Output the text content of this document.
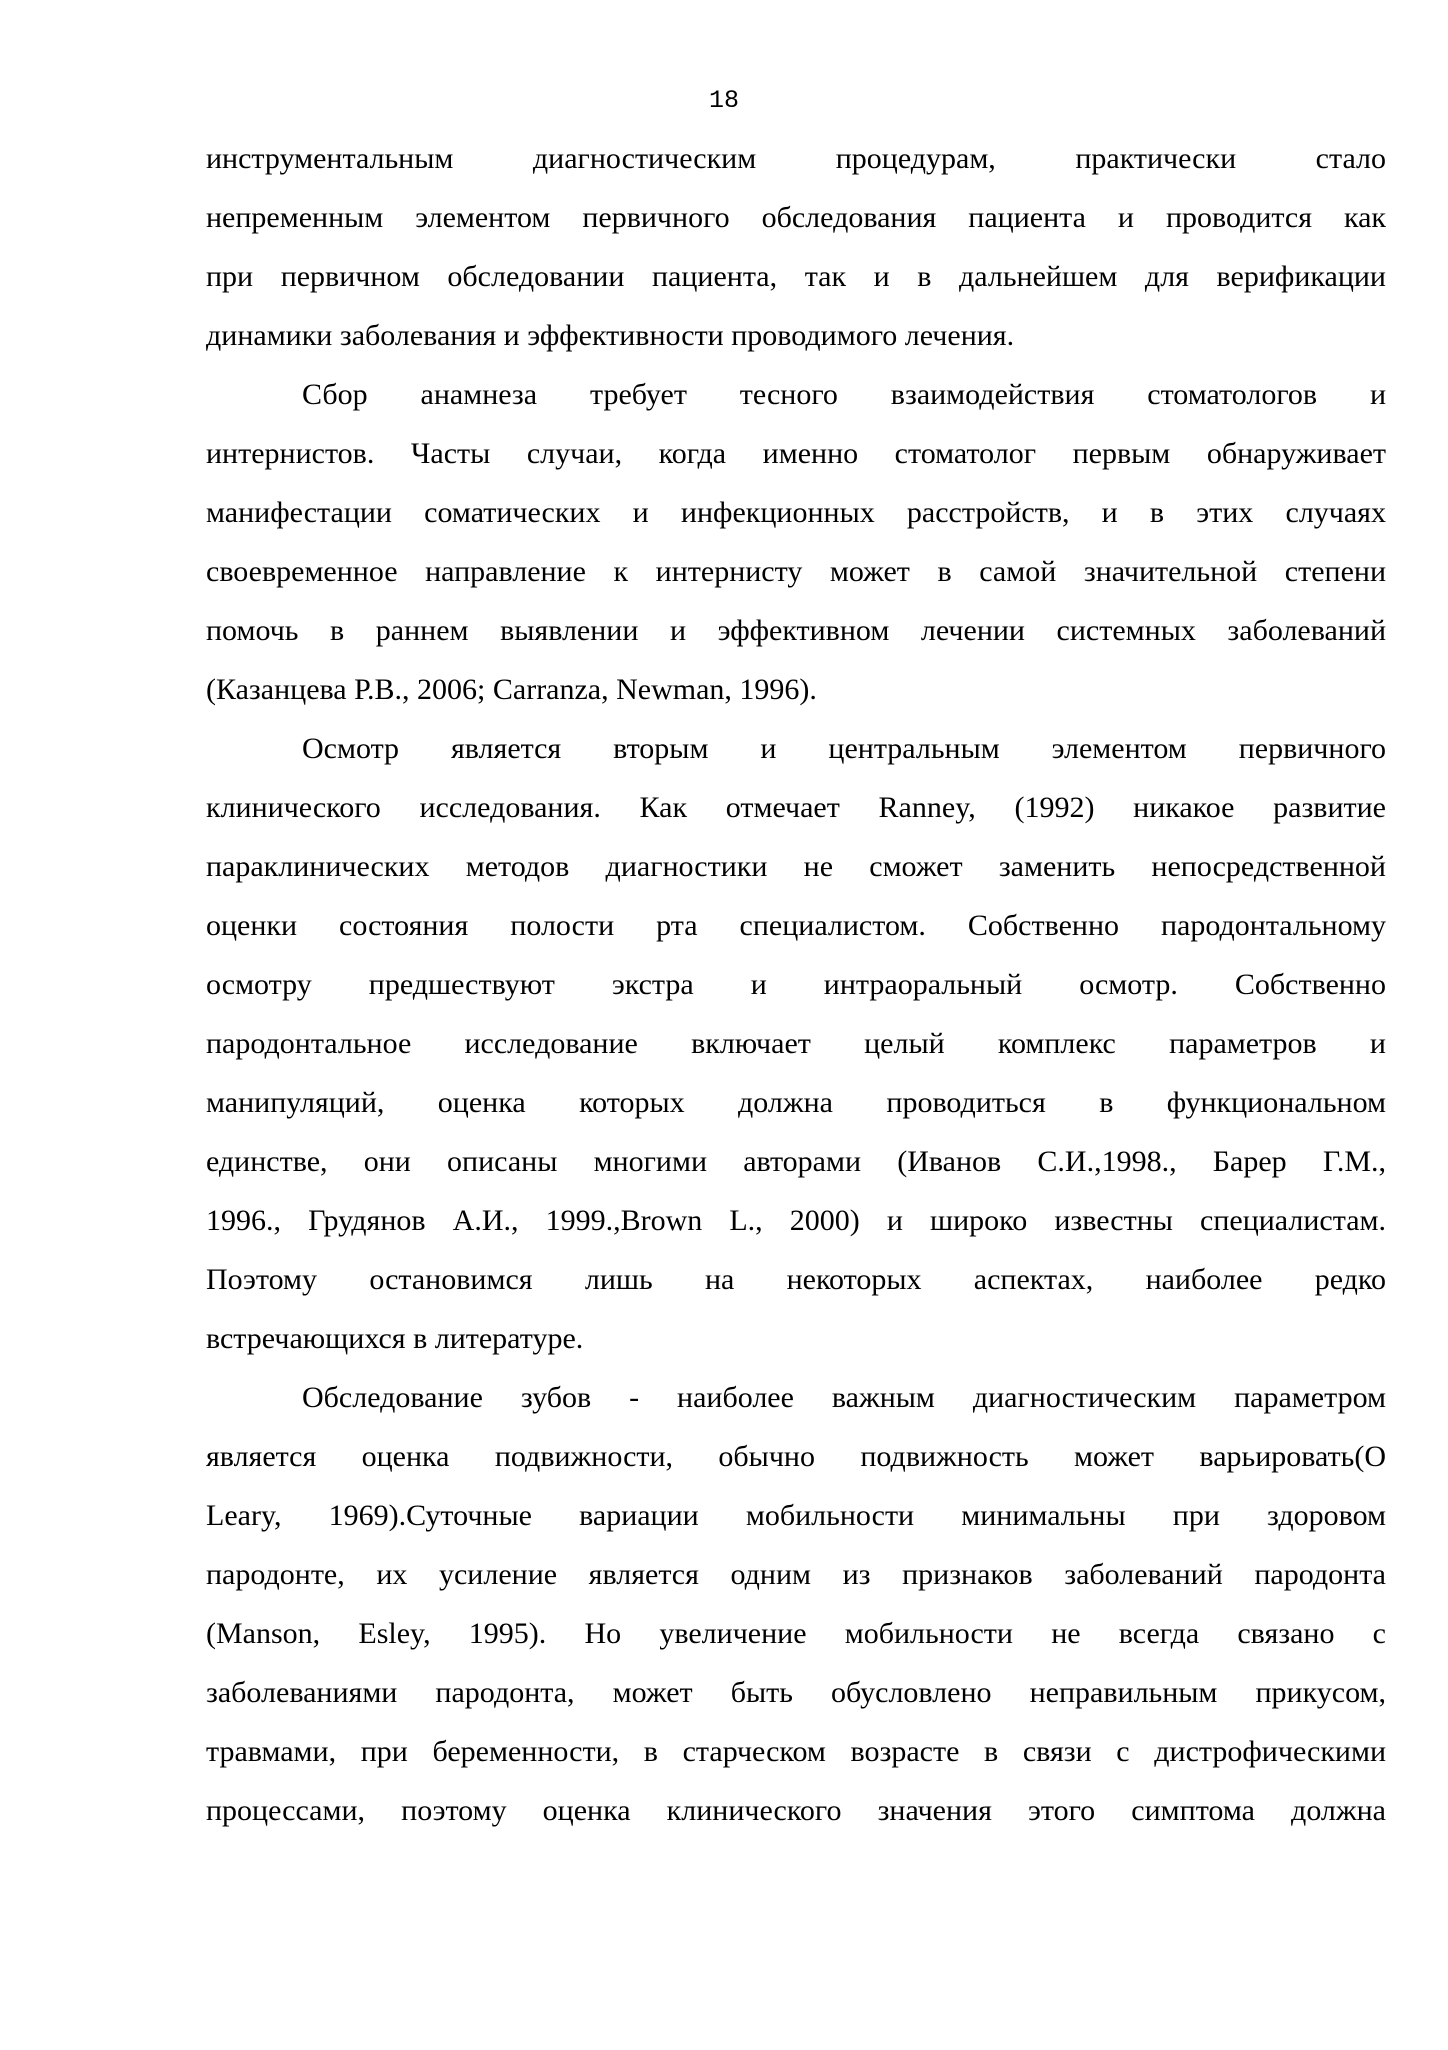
18
инструментальным диагностическим процедурам, практически стало
непременным элементом первичного обследования пациента и проводится как
при первичном обследовании пациента, так и в дальнейшем для верификации
динамики заболевания и эффективности проводимого лечения.
Сбор анамнеза требует тесного взаимодействия стоматологов и
интернистов. Часты случаи, когда именно стоматолог первым обнаруживает
манифестации соматических и инфекционных расстройств, и в этих случаях
своевременное направление к интернисту может в самой значительной степени
помочь в раннем выявлении и эффективном лечении системных заболеваний
(Казанцева Р.В., 2006; Carranza, Newman, 1996).
Осмотр является вторым и центральным элементом первичного
клинического исследования. Как отмечает Ranney, (1992) никакое развитие
параклинических методов диагностики не сможет заменить непосредственной
оценки состояния полости рта специалистом. Собственно пародонтальному
осмотру предшествуют экстра и интраоральный осмотр. Собственно
пародонтальное исследование включает целый комплекс параметров и
манипуляций, оценка которых должна проводиться в функциональном
единстве, они описаны многими авторами (Иванов С.И.,1998., Барер Г.М.,
1996., Грудянов А.И., 1999.,Brown L., 2000) и широко известны специалистам.
Поэтому остановимся лишь на некоторых аспектах, наиболее редко
встречающихся в литературе.
Обследование зубов - наиболее важным диагностическим параметром
является оценка подвижности, обычно подвижность может варьировать(O
Leary, 1969).Суточные вариации мобильности минимальны при здоровом
пародонте, их усиление является одним из признаков заболеваний пародонта
(Manson, Esley, 1995). Но увеличение мобильности не всегда связано с
заболеваниями пародонта, может быть обусловлено неправильным прикусом,
травмами, при беременности, в старческом возрасте в связи с дистрофическими
процессами, поэтому оценка клинического значения этого симптома должна
